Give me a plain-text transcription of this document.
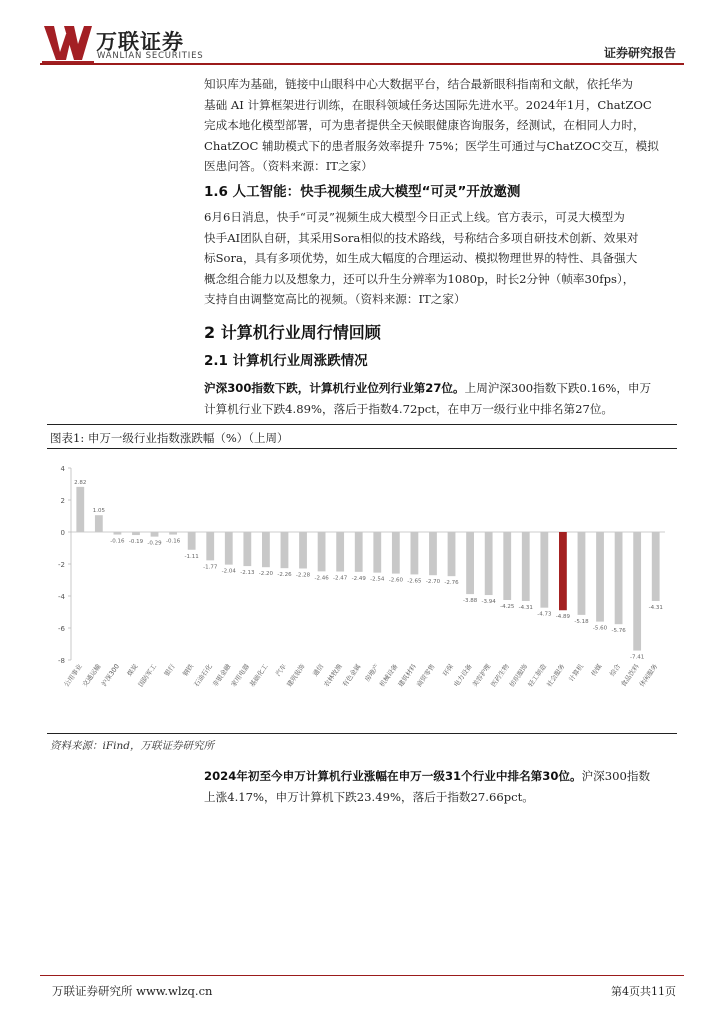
万联证券
WANLIAN SECURITIES	证券研究报告

知识库为基础，链接中山眼科中心大数据平台，结合最新眼科指南和文献，依托华为

基础 AI 计算框架进行训练，在眼科领域任务达国际先进水平。2024年1月，ChatZOC

完成本地化模型部署，可为患者提供全天候眼健康咨询服务，经测试，在相同人力时，

ChatZOC 辅助模式下的患者服务效率提升 75%；医学生可通过与ChatZOC交互，模拟

医患问答。（资料来源：IT之家）

1.6 人工智能：快手视频生成大模型“可灵”开放邀测

6月6日消息，快手“可灵”视频生成大模型今日正式上线。官方表示，可灵大模型为

快手AI团队自研，其采用Sora相似的技术路线，号称结合多项自研技术创新、效果对

标Sora，具有多项优势，如生成大幅度的合理运动、模拟物理世界的特性、具备强大

概念组合能力以及想象力，还可以升生分辨率为1080p，时长2分钟（帧率30fps），

支持自由调整宽高比的视频。（资料来源：IT之家）

2 计算机行业周行情回顾
2.1 计算机行业周涨跌情况

沪深300指数下跌，计算机行业位列行业第27位。上周沪深300指数下跌0.16%，申万

计算机行业下跌4.89%，落后于指数4.72pct，在申万一级行业中排名第27位。

图表1: 申万一级行业指数涨跌幅（%）（上周）
-8
-6
-4
-2
0
2
4
2.82
公用事业
1.05
交通运输
-0.16
沪深300
-0.19
煤炭
-0.29
国防军工
-0.16
银行
-1.11
钢铁
-1.77
石油石化
-2.04
非银金融
-2.13
家用电器
-2.20
基础化工
-2.26
汽车
-2.28
建筑装饰
-2.46
通信
-2.47
农林牧渔
-2.49
有色金属
-2.54
房地产
-2.60
机械设备
-2.65
建筑材料
-2.70
商贸零售
-2.76
环保
-3.88
电力设备
-3.94
美容护理
-4.25
医药生物
-4.31
纺织服饰
-4.73
轻工制造
-4.89
社会服务
-5.18
计算机
-5.60
传媒
-5.76
综合
-7.41
食品饮料
-4.31
休闲服务
资料来源：iFind，万联证券研究所

2024年初至今申万计算机行业涨幅在申万一级31个行业中排名第30位。沪深300指数

上涨4.17%，申万计算机下跌23.49%，落后于指数27.66pct。

万联证券研究所 www.wlzq.cn	第4页共11页
